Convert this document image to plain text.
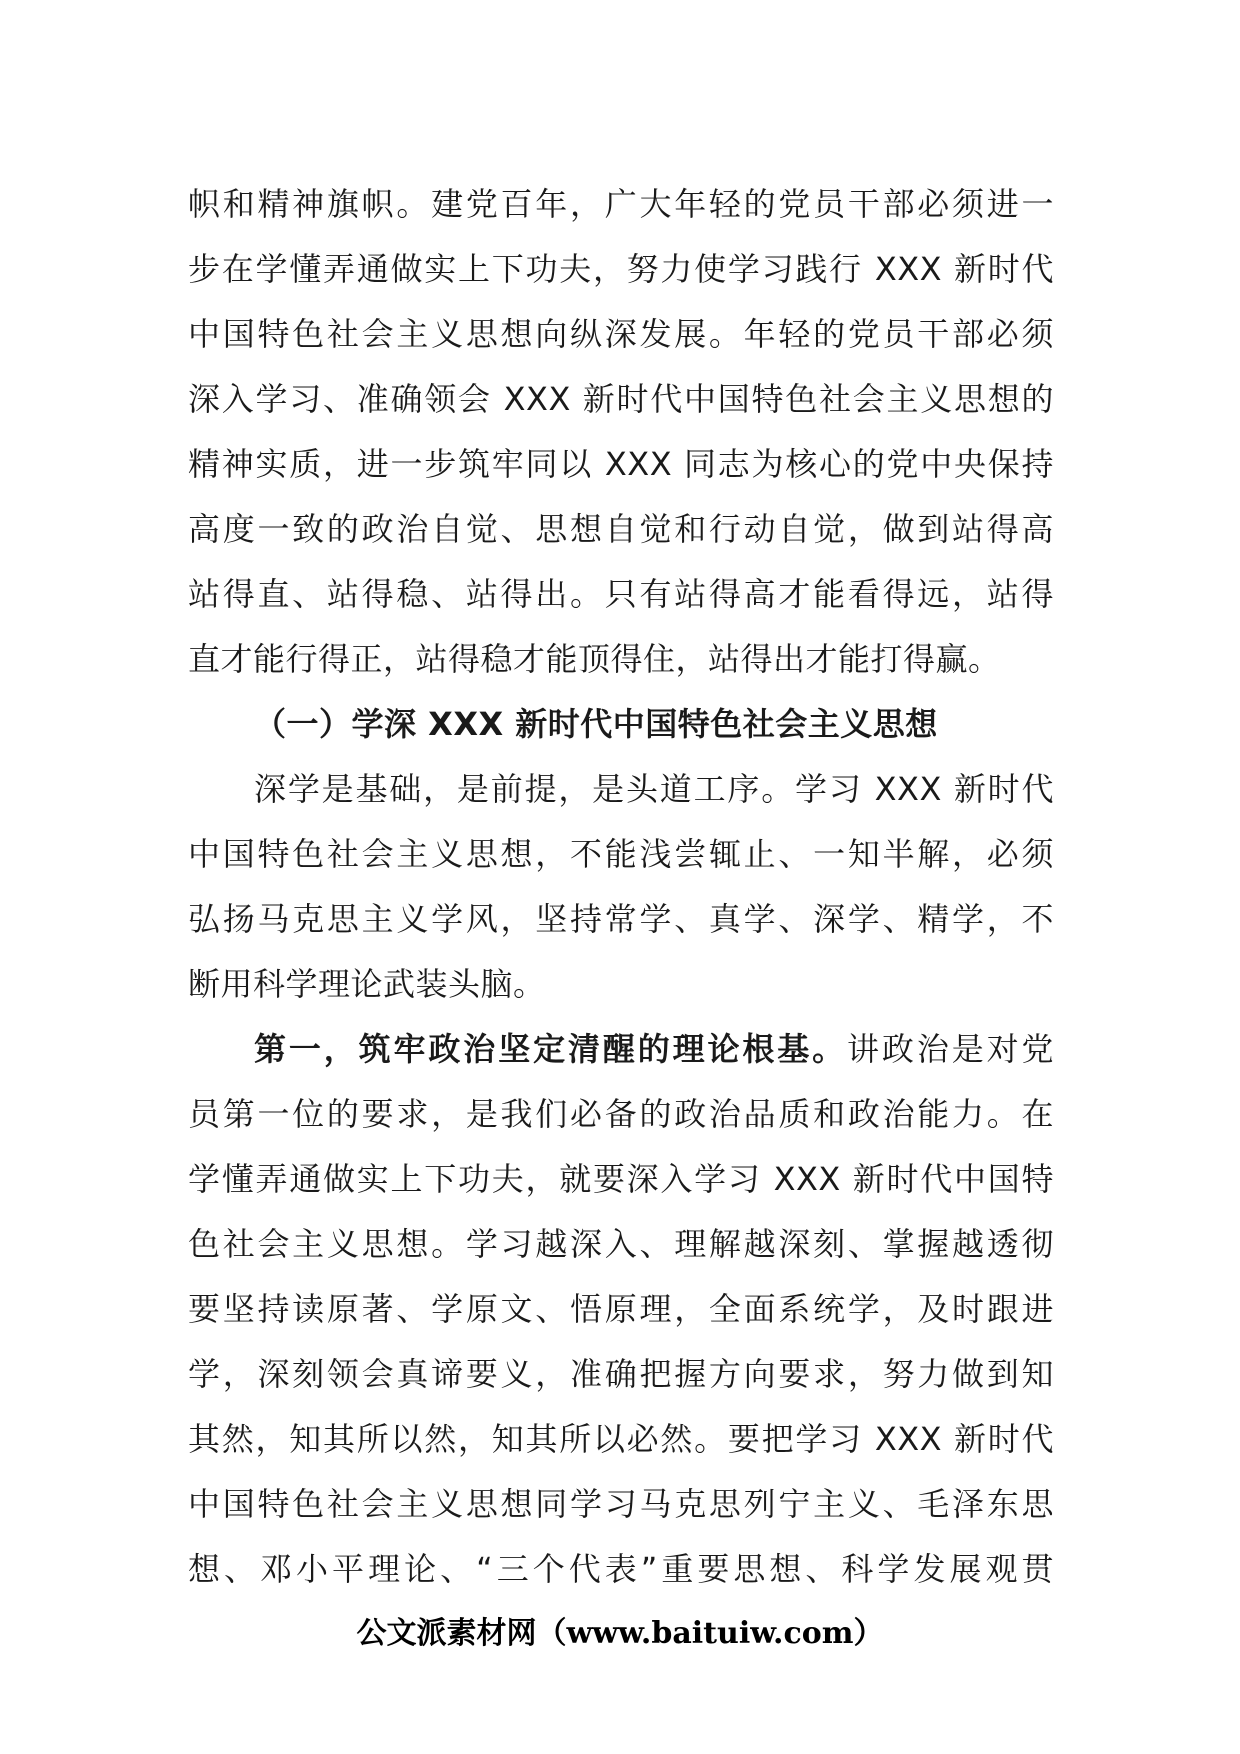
帜和精神旗帜。建党百年，广大年轻的党员干部必须进一
步在学懂弄通做实上下功夫，努力使学习践行 XXX 新时代
中国特色社会主义思想向纵深发展。年轻的党员干部必须
深入学习、准确领会 XXX 新时代中国特色社会主义思想的
精神实质，进一步筑牢同以 XXX 同志为核心的党中央保持
高度一致的政治自觉、思想自觉和行动自觉，做到站得高
站得直、站得稳、站得出。只有站得高才能看得远，站得
直才能行得正，站得稳才能顶得住，站得出才能打得赢。
（一）学深 XXX 新时代中国特色社会主义思想
深学是基础，是前提，是头道工序。学习 XXX 新时代
中国特色社会主义思想，不能浅尝辄止、一知半解，必须
弘扬马克思主义学风，坚持常学、真学、深学、精学，不
断用科学理论武装头脑。
第一，筑牢政治坚定清醒的理论根基。讲政治是对党
员第一位的要求，是我们必备的政治品质和政治能力。在
学懂弄通做实上下功夫，就要深入学习 XXX 新时代中国特
色社会主义思想。学习越深入、理解越深刻、掌握越透彻
要坚持读原著、学原文、悟原理，全面系统学，及时跟进
学，深刻领会真谛要义，准确把握方向要求，努力做到知
其然，知其所以然，知其所以必然。要把学习 XXX 新时代
中国特色社会主义思想同学习马克思列宁主义、毛泽东思
想、邓小平理论、“三个代表”重要思想、科学发展观贯
公文派素材网（www.baituiw.com）
